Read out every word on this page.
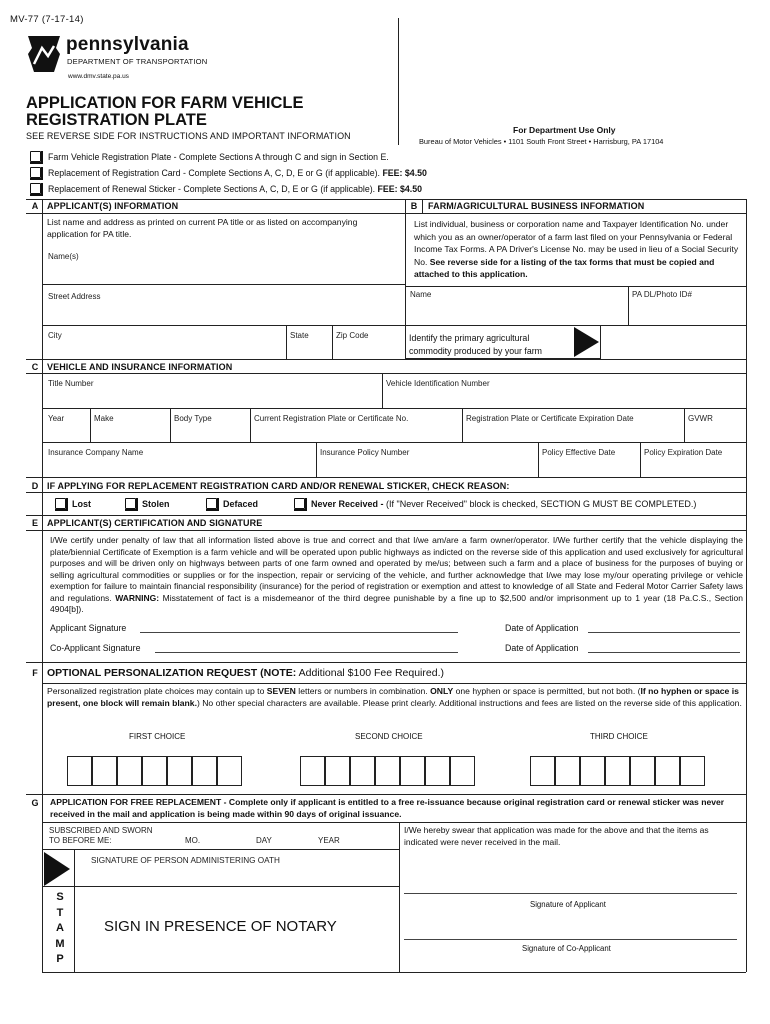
MV-77 (7-17-14)
pennsylvania
DEPARTMENT OF TRANSPORTATION
www.dmv.state.pa.us
APPLICATION FOR FARM VEHICLE
REGISTRATION PLATE
SEE REVERSE SIDE FOR INSTRUCTIONS AND IMPORTANT INFORMATION
For Department Use Only
Bureau of Motor Vehicles • 1101 South Front Street • Harrisburg, PA 17104
Farm Vehicle Registration Plate - Complete Sections A through C and sign in Section E.
Replacement of Registration Card - Complete Sections A, C, D, E or G (if applicable). FEE: $4.50
Replacement of Renewal Sticker - Complete Sections A, C, D, E or G (if applicable). FEE: $4.50
A APPLICANT(S) INFORMATION	B	FARM/AGRICULTURAL BUSINESS INFORMATION
List name and address as printed on current PA title or as listed on accompanying application for PA title.
Name(s)
Street Address
City	State	Zip Code
List individual, business or corporation name and Taxpayer Identification No. under which you as an owner/operator of a farm last filed on your Pennsylvania or Federal Income Tax Forms. A PA Driver's License No. may be used in lieu of a Social Security No. See reverse side for a listing of the tax forms that must be copied and attached to this application.
Name	PA DL/Photo ID#
Identify the primary agricultural commodity produced by your farm
C VEHICLE AND INSURANCE INFORMATION
Title Number	Vehicle Identification Number
Year	Make	Body Type	Current Registration Plate or Certificate No.	Registration Plate or Certificate Expiration Date	GVWR
Insurance Company Name	Insurance Policy Number	Policy Effective Date	Policy Expiration Date
D IF APPLYING FOR REPLACEMENT REGISTRATION CARD AND/OR RENEWAL STICKER, CHECK REASON:
Lost	Stolen	Defaced	Never Received - (If "Never Received" block is checked, SECTION G MUST BE COMPLETED.)
E	APPLICANT(S) CERTIFICATION AND SIGNATURE
I/We certify under penalty of law that all information listed above is true and correct and that I/we am/are a farm owner/operator. I/We further certify that the vehicle displaying the plate/biennial Certificate of Exemption is a farm vehicle and will be operated upon public highways as indicted on the reverse side of this application and used exclusively for agricultural purposes and will be driven only on highways between parts of one farm owned and operated by me/us; between such a farm and a place of business for the purposes of buying or selling agricultural commodities or supplies or for the inspection, repair or servicing of the vehicle, and further acknowledge that I/we may lose my/our operating privilege or vehicle exemption for failure to maintain financial responsibility (insurance) for the period of registration or exemption and attest to knowledge of all State and Federal Motor Carrier Safety laws and regulations. WARNING: Misstatement of fact is a misdemeanor of the third degree punishable by a fine up to $2,500 and/or imprisonment up to 1 year (18 Pa.C.S., Section 4904[b]).
Applicant Signature	Date of Application
Co-Applicant Signature	Date of Application
F OPTIONAL PERSONALIZATION REQUEST (NOTE: Additional $100 Fee Required.)
Personalized registration plate choices may contain up to SEVEN letters or numbers in combination. ONLY one hyphen or space is permitted, but not both. (If no hyphen or space is present, one block will remain blank.) No other special characters are available. Please print clearly. Additional instructions and fees are listed on the reverse side of this application.
FIRST CHOICE	SECOND CHOICE	THIRD CHOICE
G	APPLICATION FOR FREE REPLACEMENT - Complete only if applicant is entitled to a free re-issuance because original registration card or renewal sticker was never received in the mail and application is being made within 90 days of original issuance.
SUBSCRIBED AND SWORN
TO BEFORE ME:	MO.	DAY	YEAR
SIGNATURE OF PERSON ADMINISTERING OATH
S
T
A
M
P
SIGN IN PRESENCE OF NOTARY
I/We hereby swear that application was made for the above and that the items as indicated were never received in the mail.
Signature of Applicant
Signature of Co-Applicant
